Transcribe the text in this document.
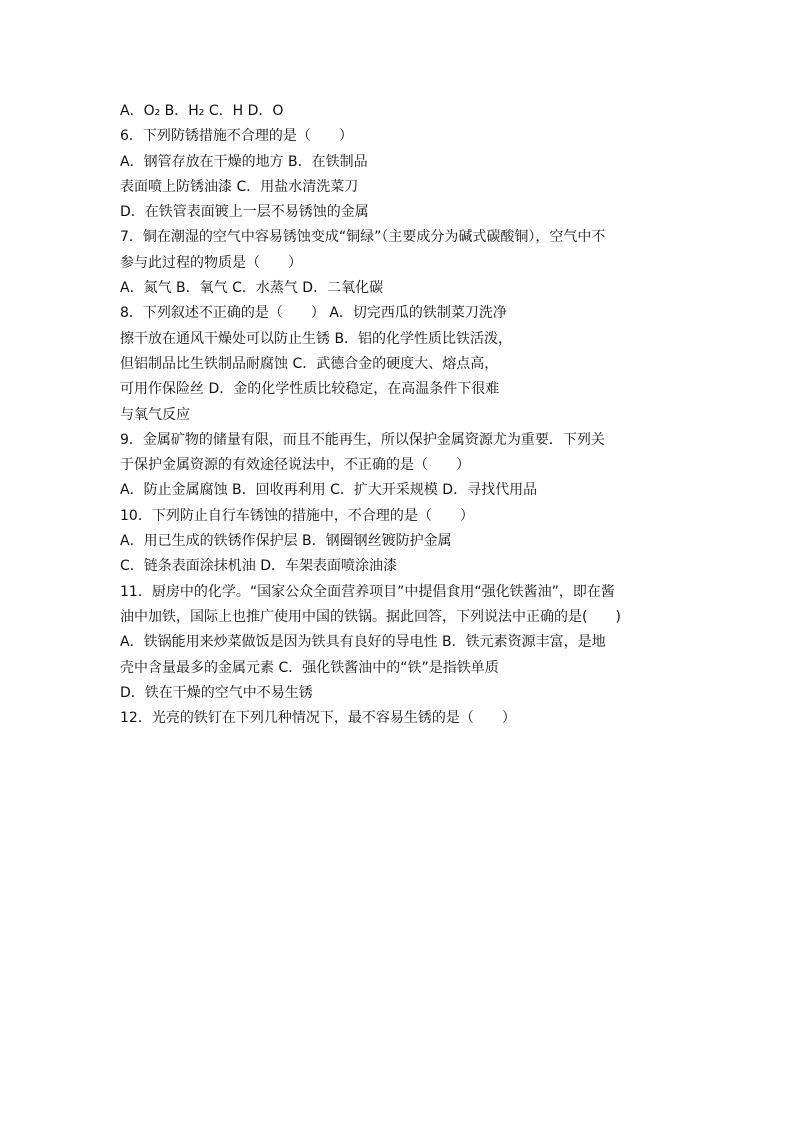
A．O₂ B．H₂ C．H D．O
6．下列防锈措施不合理的是（　　）
A．钢管存放在干燥的地方 B．在铁制品
表面喷上防锈油漆 C．用盐水清洗菜刀
D．在铁管表面镀上一层不易锈蚀的金属
7．铜在潮湿的空气中容易锈蚀变成“铜绿”（主要成分为碱式碳酸铜），空气中不
参与此过程的物质是（　　）
A．氮气 B．氧气 C．水蒸气 D．二氧化碳
8．下列叙述不正确的是（　　） A．切完西瓜的铁制菜刀洗净
擦干放在通风干燥处可以防止生锈 B．铝的化学性质比铁活泼，
但铝制品比生铁制品耐腐蚀 C．武德合金的硬度大、熔点高，
可用作保险丝 D．金的化学性质比较稳定，在高温条件下很难
与氧气反应
9．金属矿物的储量有限，而且不能再生，所以保护金属资源尤为重要．下列关
于保护金属资源的有效途径说法中，不正确的是（　　）
A．防止金属腐蚀 B．回收再利用 C．扩大开采规模 D．寻找代用品
10．下列防止自行车锈蚀的措施中，不合理的是（　　）
A．用已生成的铁锈作保护层 B．钢圈钢丝镀防护金属
C．链条表面涂抹机油 D．车架表面喷涂油漆
11．厨房中的化学。“国家公众全面营养项目”中提倡食用“强化铁酱油”，即在酱
油中加铁，国际上也推广使用中国的铁锅。据此回答，下列说法中正确的是(　　)
A．铁锅能用来炒菜做饭是因为铁具有良好的导电性 B．铁元素资源丰富，是地
壳中含量最多的金属元素 C．强化铁酱油中的“铁”是指铁单质
D．铁在干燥的空气中不易生锈
12．光亮的铁钉在下列几种情况下，最不容易生锈的是（　　）
